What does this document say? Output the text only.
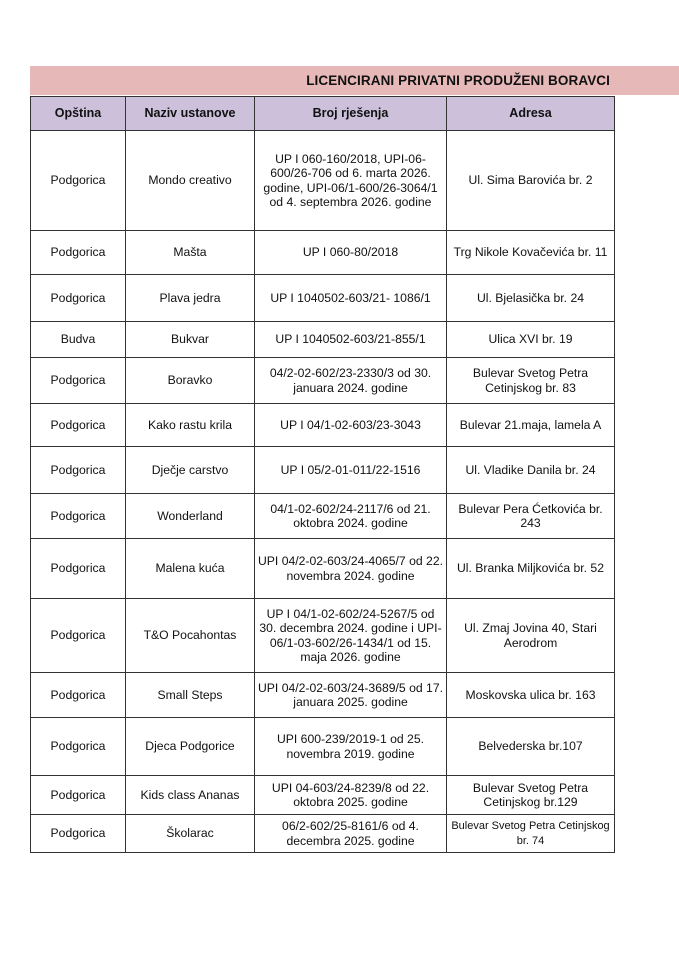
LICENCIRANI PRIVATNI PRODUŽENI BORAVCI
Opština	Naziv ustanove	Broj rješenja	Adresa
Podgorica	Mondo creativo	UP I 060-160/2018, UPI-06-600/26-706 od 6. marta 2026. godine, UPI-06/1-600/26-3064/1 od 4. septembra 2026. godine	Ul. Sima Barovića br. 2
Podgorica	Mašta	UP I 060-80/2018	Trg Nikole Kovačevića br. 11
Podgorica	Plava jedra	UP I 1040502-603/21- 1086/1	Ul. Bjelasička br. 24
Budva	Bukvar	UP I 1040502-603/21-855/1	Ulica XVI br. 19
Podgorica	Boravko	04/2-02-602/23-2330/3 od 30. januara 2024. godine	Bulevar Svetog Petra Cetinjskog br. 83
Podgorica	Kako rastu krila	UP I 04/1-02-603/23-3043	Bulevar 21.maja, lamela A
Podgorica	Dječje carstvo	UP I 05/2-01-011/22-1516	Ul. Vladike Danila br. 24
Podgorica	Wonderland	04/1-02-602/24-2117/6 od 21. oktobra 2024. godine	Bulevar Pera Ćetkovića br. 243
Podgorica	Malena kuća	UPI 04/2-02-603/24-4065/7 od 22. novembra 2024. godine	Ul. Branka Miljkovića br. 52
Podgorica	T&O Pocahontas	UP I 04/1-02-602/24-5267/5 od 30. decembra 2024. godine i UPI-06/1-03-602/26-1434/1 od 15. maja 2026. godine	Ul. Zmaj Jovina 40, Stari Aerodrom
Podgorica	Small Steps	UPI 04/2-02-603/24-3689/5 od 17. januara 2025. godine	Moskovska ulica br. 163
Podgorica	Djeca Podgorice	UPI 600-239/2019-1 od 25. novembra 2019. godine	Belvederska br.107
Podgorica	Kids class Ananas	UPI 04-603/24-8239/8 od 22. oktobra 2025. godine	Bulevar Svetog Petra Cetinjskog br.129
Podgorica	Školarac	06/2-602/25-8161/6 od 4. decembra 2025. godine	Bulevar Svetog Petra Cetinjskog br. 74
